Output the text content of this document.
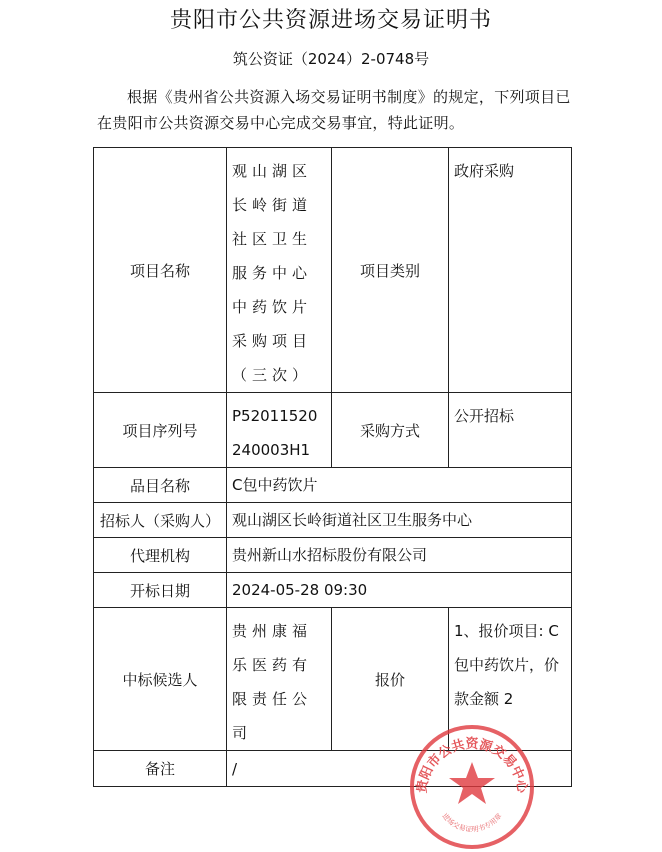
贵阳市公共资源进场交易证明书
筑公资证（2024）2-0748号
根据《贵州省公共资源入场交易证明书制度》的规定，下列项目已在贵阳市公共资源交易中心完成交易事宜，特此证明。
项目名称	观山湖区长岭街道社区卫生服务中心中药饮片采购项目（三次）	项目类别	政府采购
项目序列号	P52011520240003H1	采购方式	公开招标
品目名称	C包中药饮片		
招标人（采购人）	观山湖区长岭街道社区卫生服务中心		
代理机构	贵州新山水招标股份有限公司		
开标日期	2024-05-28 09:30		
中标候选人	贵州康福乐医药有限责任公司	报价	1、报价项目: C包中药饮片，价款金额 2
备注	/		
贵阳市公共资源交易中心
进场交易证明书专用章
